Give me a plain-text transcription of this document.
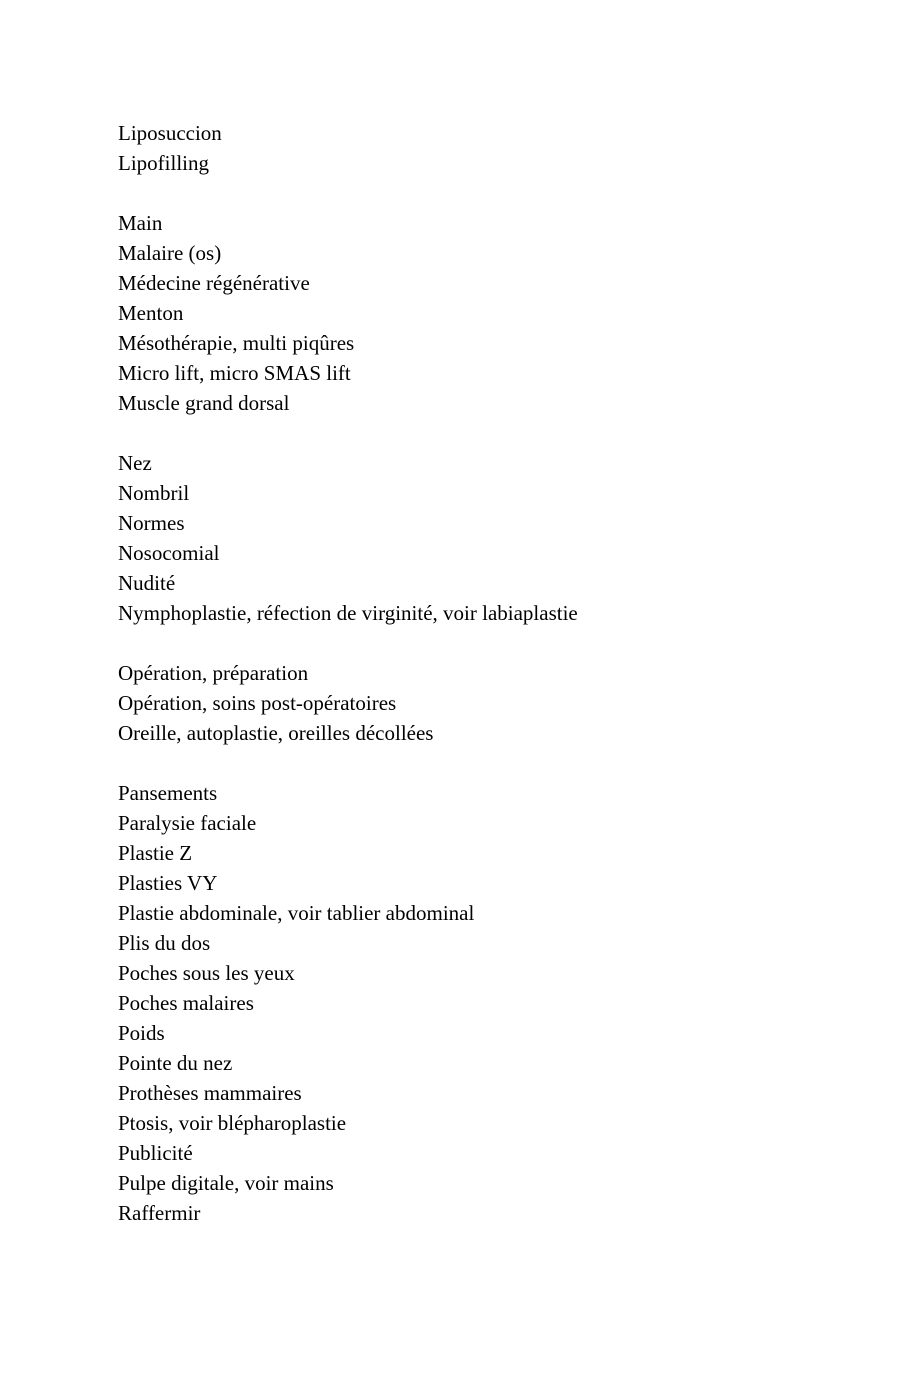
Liposuccion
Lipofilling
Main
Malaire (os)
Médecine régénérative
Menton
Mésothérapie, multi piqûres
Micro lift, micro SMAS lift
Muscle grand dorsal
Nez
Nombril
Normes
Nosocomial
Nudité
Nymphoplastie, réfection de virginité, voir labiaplastie
Opération, préparation
Opération, soins post-opératoires
Oreille, autoplastie, oreilles décollées
Pansements
Paralysie faciale
Plastie Z
Plasties VY
Plastie abdominale, voir tablier abdominal
Plis du dos
Poches sous les yeux
Poches malaires
Poids
Pointe du nez
Prothèses mammaires
Ptosis, voir blépharoplastie
Publicité
Pulpe digitale, voir mains
Raffermir
